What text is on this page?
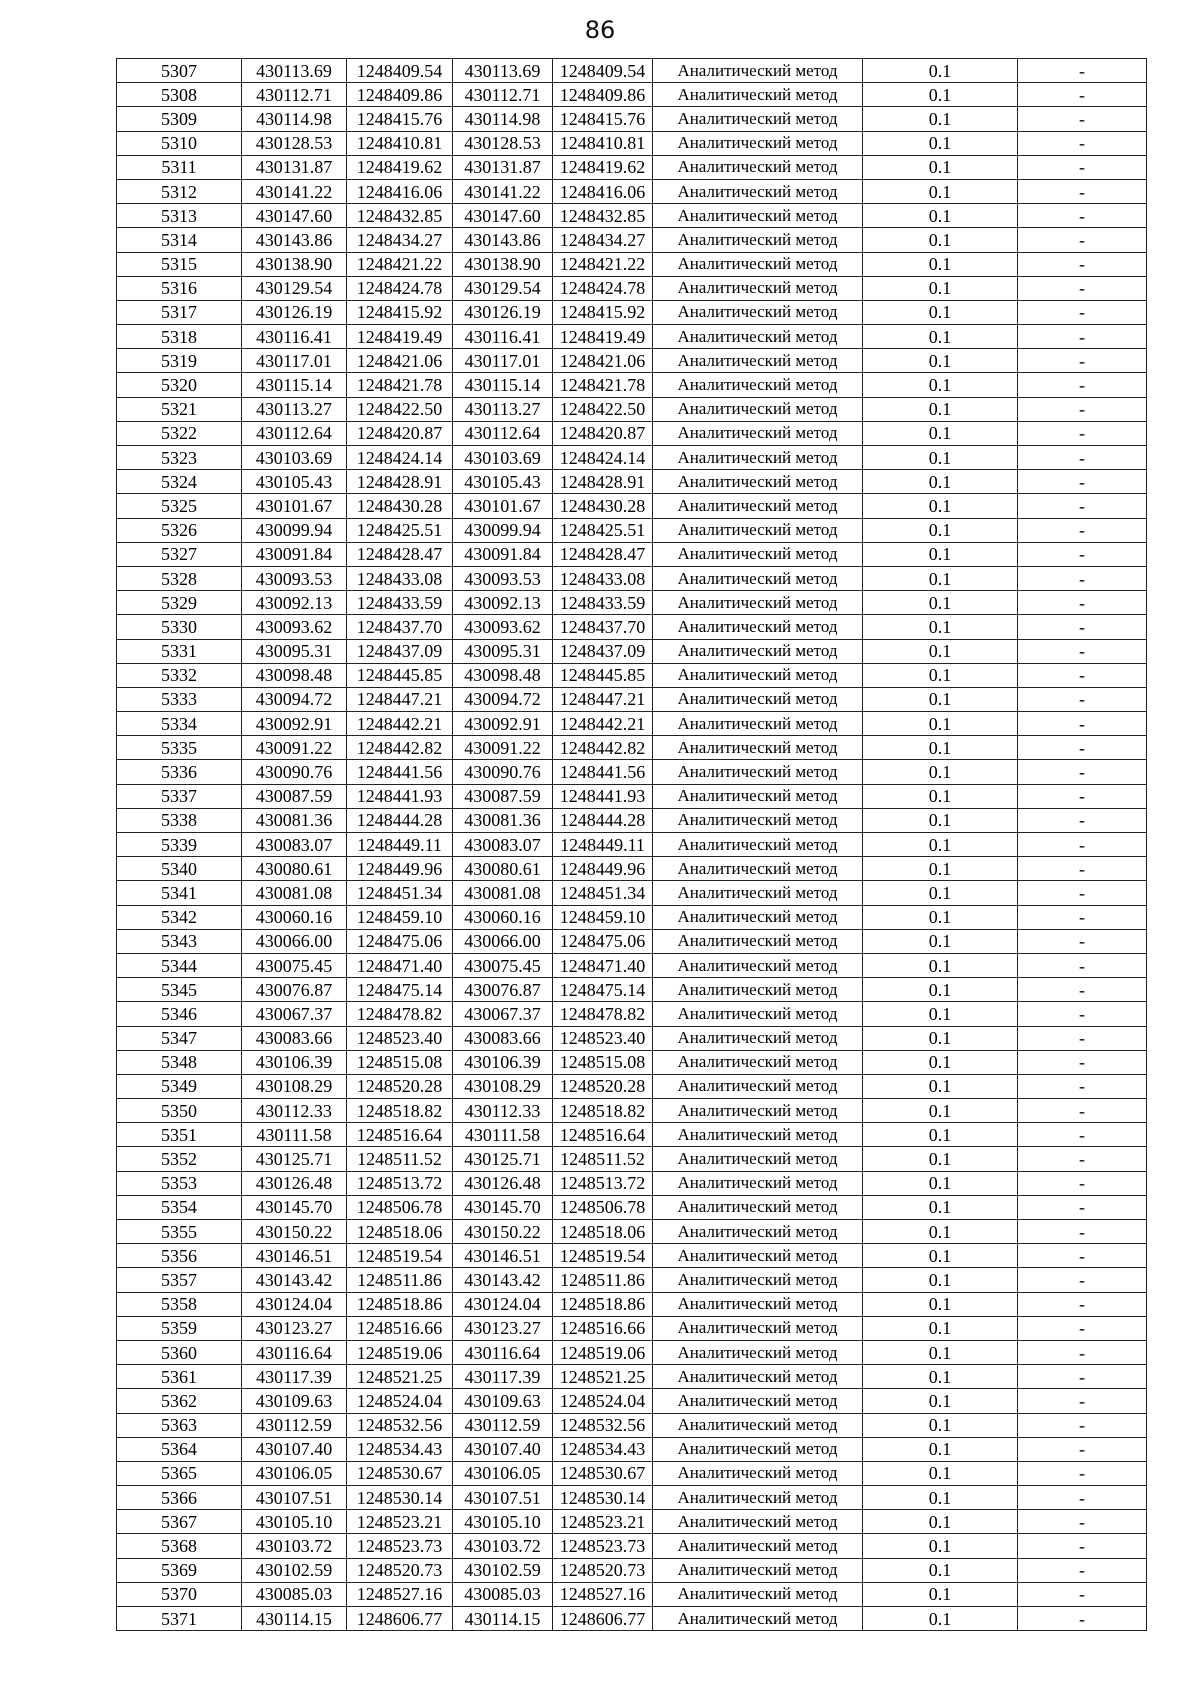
86
5307	430113.69	1248409.54	430113.69	1248409.54	Аналитический метод	0.1	-
5308	430112.71	1248409.86	430112.71	1248409.86	Аналитический метод	0.1	-
5309	430114.98	1248415.76	430114.98	1248415.76	Аналитический метод	0.1	-
5310	430128.53	1248410.81	430128.53	1248410.81	Аналитический метод	0.1	-
5311	430131.87	1248419.62	430131.87	1248419.62	Аналитический метод	0.1	-
5312	430141.22	1248416.06	430141.22	1248416.06	Аналитический метод	0.1	-
5313	430147.60	1248432.85	430147.60	1248432.85	Аналитический метод	0.1	-
5314	430143.86	1248434.27	430143.86	1248434.27	Аналитический метод	0.1	-
5315	430138.90	1248421.22	430138.90	1248421.22	Аналитический метод	0.1	-
5316	430129.54	1248424.78	430129.54	1248424.78	Аналитический метод	0.1	-
5317	430126.19	1248415.92	430126.19	1248415.92	Аналитический метод	0.1	-
5318	430116.41	1248419.49	430116.41	1248419.49	Аналитический метод	0.1	-
5319	430117.01	1248421.06	430117.01	1248421.06	Аналитический метод	0.1	-
5320	430115.14	1248421.78	430115.14	1248421.78	Аналитический метод	0.1	-
5321	430113.27	1248422.50	430113.27	1248422.50	Аналитический метод	0.1	-
5322	430112.64	1248420.87	430112.64	1248420.87	Аналитический метод	0.1	-
5323	430103.69	1248424.14	430103.69	1248424.14	Аналитический метод	0.1	-
5324	430105.43	1248428.91	430105.43	1248428.91	Аналитический метод	0.1	-
5325	430101.67	1248430.28	430101.67	1248430.28	Аналитический метод	0.1	-
5326	430099.94	1248425.51	430099.94	1248425.51	Аналитический метод	0.1	-
5327	430091.84	1248428.47	430091.84	1248428.47	Аналитический метод	0.1	-
5328	430093.53	1248433.08	430093.53	1248433.08	Аналитический метод	0.1	-
5329	430092.13	1248433.59	430092.13	1248433.59	Аналитический метод	0.1	-
5330	430093.62	1248437.70	430093.62	1248437.70	Аналитический метод	0.1	-
5331	430095.31	1248437.09	430095.31	1248437.09	Аналитический метод	0.1	-
5332	430098.48	1248445.85	430098.48	1248445.85	Аналитический метод	0.1	-
5333	430094.72	1248447.21	430094.72	1248447.21	Аналитический метод	0.1	-
5334	430092.91	1248442.21	430092.91	1248442.21	Аналитический метод	0.1	-
5335	430091.22	1248442.82	430091.22	1248442.82	Аналитический метод	0.1	-
5336	430090.76	1248441.56	430090.76	1248441.56	Аналитический метод	0.1	-
5337	430087.59	1248441.93	430087.59	1248441.93	Аналитический метод	0.1	-
5338	430081.36	1248444.28	430081.36	1248444.28	Аналитический метод	0.1	-
5339	430083.07	1248449.11	430083.07	1248449.11	Аналитический метод	0.1	-
5340	430080.61	1248449.96	430080.61	1248449.96	Аналитический метод	0.1	-
5341	430081.08	1248451.34	430081.08	1248451.34	Аналитический метод	0.1	-
5342	430060.16	1248459.10	430060.16	1248459.10	Аналитический метод	0.1	-
5343	430066.00	1248475.06	430066.00	1248475.06	Аналитический метод	0.1	-
5344	430075.45	1248471.40	430075.45	1248471.40	Аналитический метод	0.1	-
5345	430076.87	1248475.14	430076.87	1248475.14	Аналитический метод	0.1	-
5346	430067.37	1248478.82	430067.37	1248478.82	Аналитический метод	0.1	-
5347	430083.66	1248523.40	430083.66	1248523.40	Аналитический метод	0.1	-
5348	430106.39	1248515.08	430106.39	1248515.08	Аналитический метод	0.1	-
5349	430108.29	1248520.28	430108.29	1248520.28	Аналитический метод	0.1	-
5350	430112.33	1248518.82	430112.33	1248518.82	Аналитический метод	0.1	-
5351	430111.58	1248516.64	430111.58	1248516.64	Аналитический метод	0.1	-
5352	430125.71	1248511.52	430125.71	1248511.52	Аналитический метод	0.1	-
5353	430126.48	1248513.72	430126.48	1248513.72	Аналитический метод	0.1	-
5354	430145.70	1248506.78	430145.70	1248506.78	Аналитический метод	0.1	-
5355	430150.22	1248518.06	430150.22	1248518.06	Аналитический метод	0.1	-
5356	430146.51	1248519.54	430146.51	1248519.54	Аналитический метод	0.1	-
5357	430143.42	1248511.86	430143.42	1248511.86	Аналитический метод	0.1	-
5358	430124.04	1248518.86	430124.04	1248518.86	Аналитический метод	0.1	-
5359	430123.27	1248516.66	430123.27	1248516.66	Аналитический метод	0.1	-
5360	430116.64	1248519.06	430116.64	1248519.06	Аналитический метод	0.1	-
5361	430117.39	1248521.25	430117.39	1248521.25	Аналитический метод	0.1	-
5362	430109.63	1248524.04	430109.63	1248524.04	Аналитический метод	0.1	-
5363	430112.59	1248532.56	430112.59	1248532.56	Аналитический метод	0.1	-
5364	430107.40	1248534.43	430107.40	1248534.43	Аналитический метод	0.1	-
5365	430106.05	1248530.67	430106.05	1248530.67	Аналитический метод	0.1	-
5366	430107.51	1248530.14	430107.51	1248530.14	Аналитический метод	0.1	-
5367	430105.10	1248523.21	430105.10	1248523.21	Аналитический метод	0.1	-
5368	430103.72	1248523.73	430103.72	1248523.73	Аналитический метод	0.1	-
5369	430102.59	1248520.73	430102.59	1248520.73	Аналитический метод	0.1	-
5370	430085.03	1248527.16	430085.03	1248527.16	Аналитический метод	0.1	-
5371	430114.15	1248606.77	430114.15	1248606.77	Аналитический метод	0.1	-
